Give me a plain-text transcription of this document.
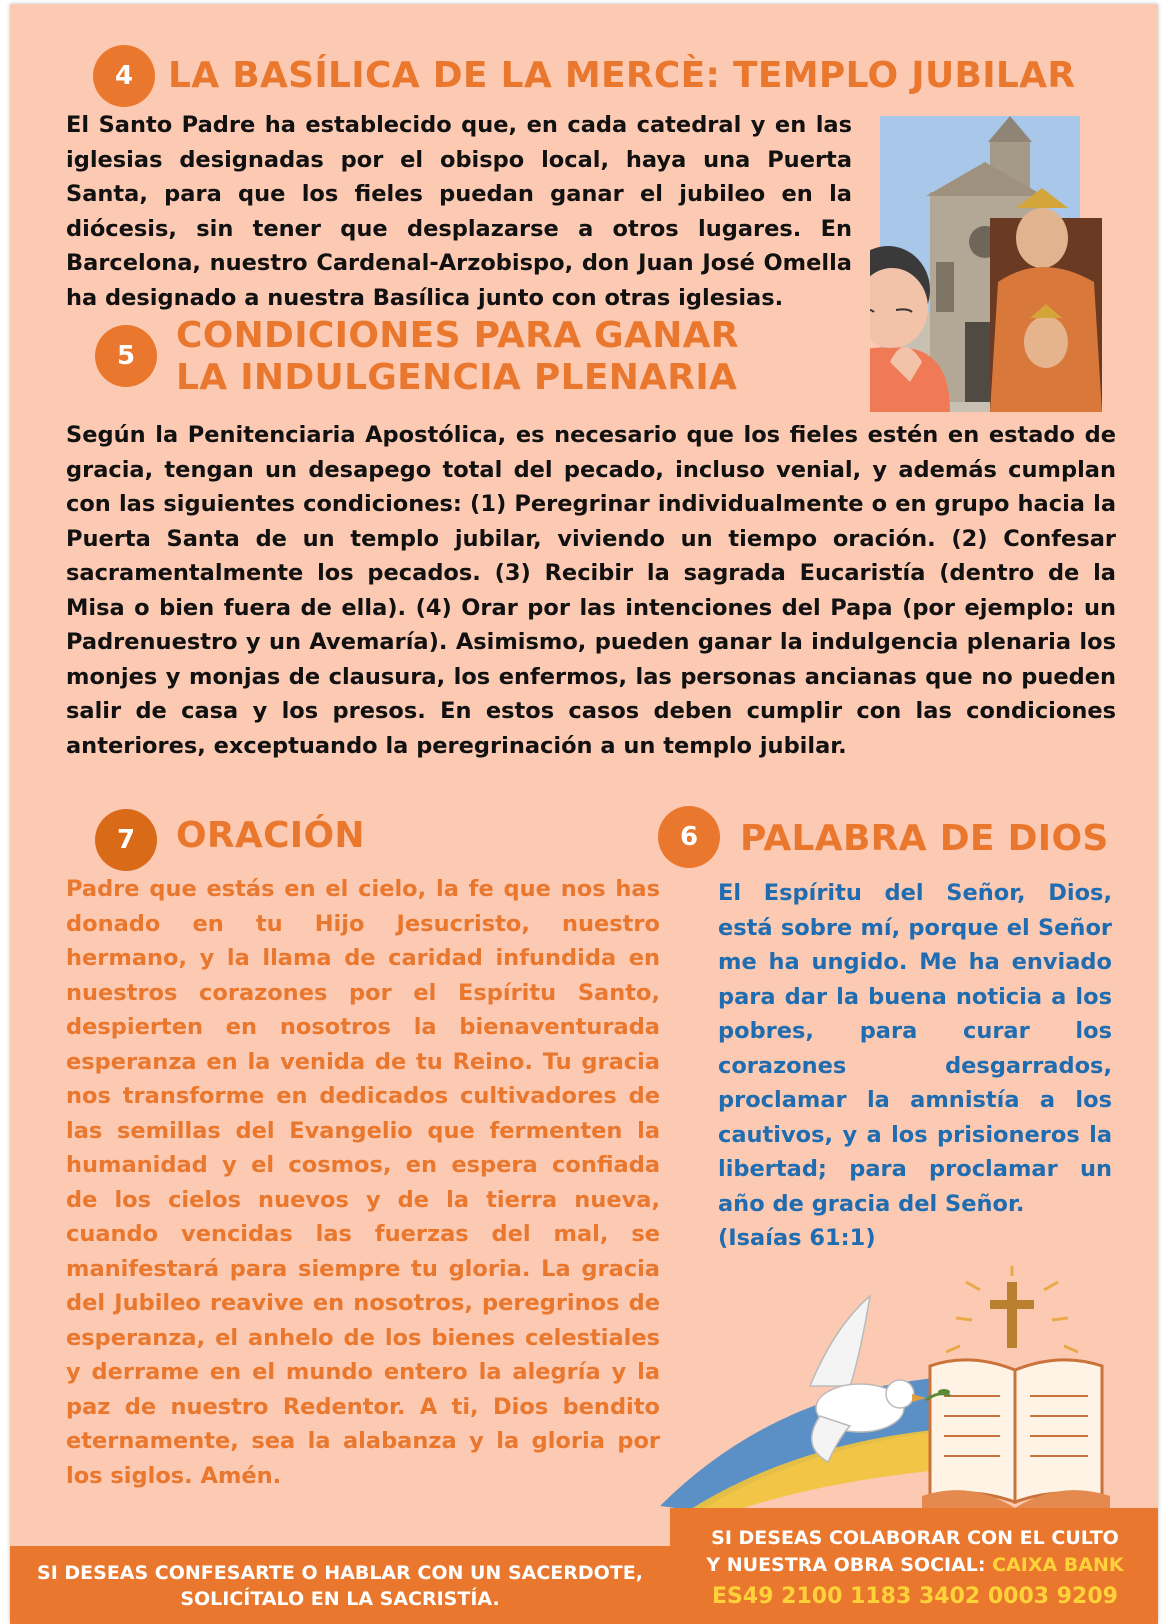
4 LA BASÍLICA DE LA MERCÈ: TEMPLO JUBILAR

El Santo Padre ha establecido que, en cada catedral y en las iglesias designadas por el obispo local, haya una Puerta Santa, para que los fieles puedan ganar el jubileo en la diócesis, sin tener que desplazarse a otros lugares. En Barcelona, nuestro Cardenal-Arzobispo, don Juan José Omella ha designado a nuestra Basílica junto con otras iglesias.

5 CONDICIONES PARA GANAR
LA INDULGENCIA PLENARIA

Según la Penitenciaria Apostólica, es necesario que los fieles estén en estado de gracia, tengan un desapego total del pecado, incluso venial, y además cumplan con las siguientes condiciones: (1) Peregrinar individualmente o en grupo hacia la Puerta Santa de un templo jubilar, viviendo un tiempo oración. (2) Confesar sacramentalmente los pecados. (3) Recibir la sagrada Eucaristía (dentro de la Misa o bien fuera de ella). (4) Orar por las intenciones del Papa (por ejemplo: un Padrenuestro y un Avemaría). Asimismo, pueden ganar la indulgencia plenaria los monjes y monjas de clausura, los enfermos, las personas ancianas que no pueden salir de casa y los presos. En estos casos deben cumplir con las condiciones anteriores, exceptuando la peregrinación a un templo jubilar.

7 ORACIÓN

Padre que estás en el cielo, la fe que nos has donado en tu Hijo Jesucristo, nuestro hermano, y la llama de caridad infundida en nuestros corazones por el Espíritu Santo, despierten en nosotros la bienaventurada esperanza en la venida de tu Reino. Tu gracia nos transforme en dedicados cultivadores de las semillas del Evangelio que fermenten la humanidad y el cosmos, en espera confiada de los cielos nuevos y de la tierra nueva, cuando vencidas las fuerzas del mal, se manifestará para siempre tu gloria. La gracia del Jubileo reavive en nosotros, peregrinos de esperanza, el anhelo de los bienes celestiales y derrame en el mundo entero la alegría y la paz de nuestro Redentor. A ti, Dios bendito eternamente, sea la alabanza y la gloria por los siglos. Amén.

6 PALABRA DE DIOS

El Espíritu del Señor, Dios, está sobre mí, porque el Señor me ha ungido. Me ha enviado para dar la buena noticia a los pobres, para curar los corazones desgarrados, proclamar la amnistía a los cautivos, y a los prisioneros la libertad; para proclamar un año de gracia del Señor.

(Isaías 61:1)

SI DESEAS CONFESARTE O HABLAR CON UN SACERDOTE,
SOLICÍTALO EN LA SACRISTÍA.
SI DESEAS COLABORAR CON EL CULTO
Y NUESTRA OBRA SOCIAL: CAIXA BANK
ES49 2100 1183 3402 0003 9209
